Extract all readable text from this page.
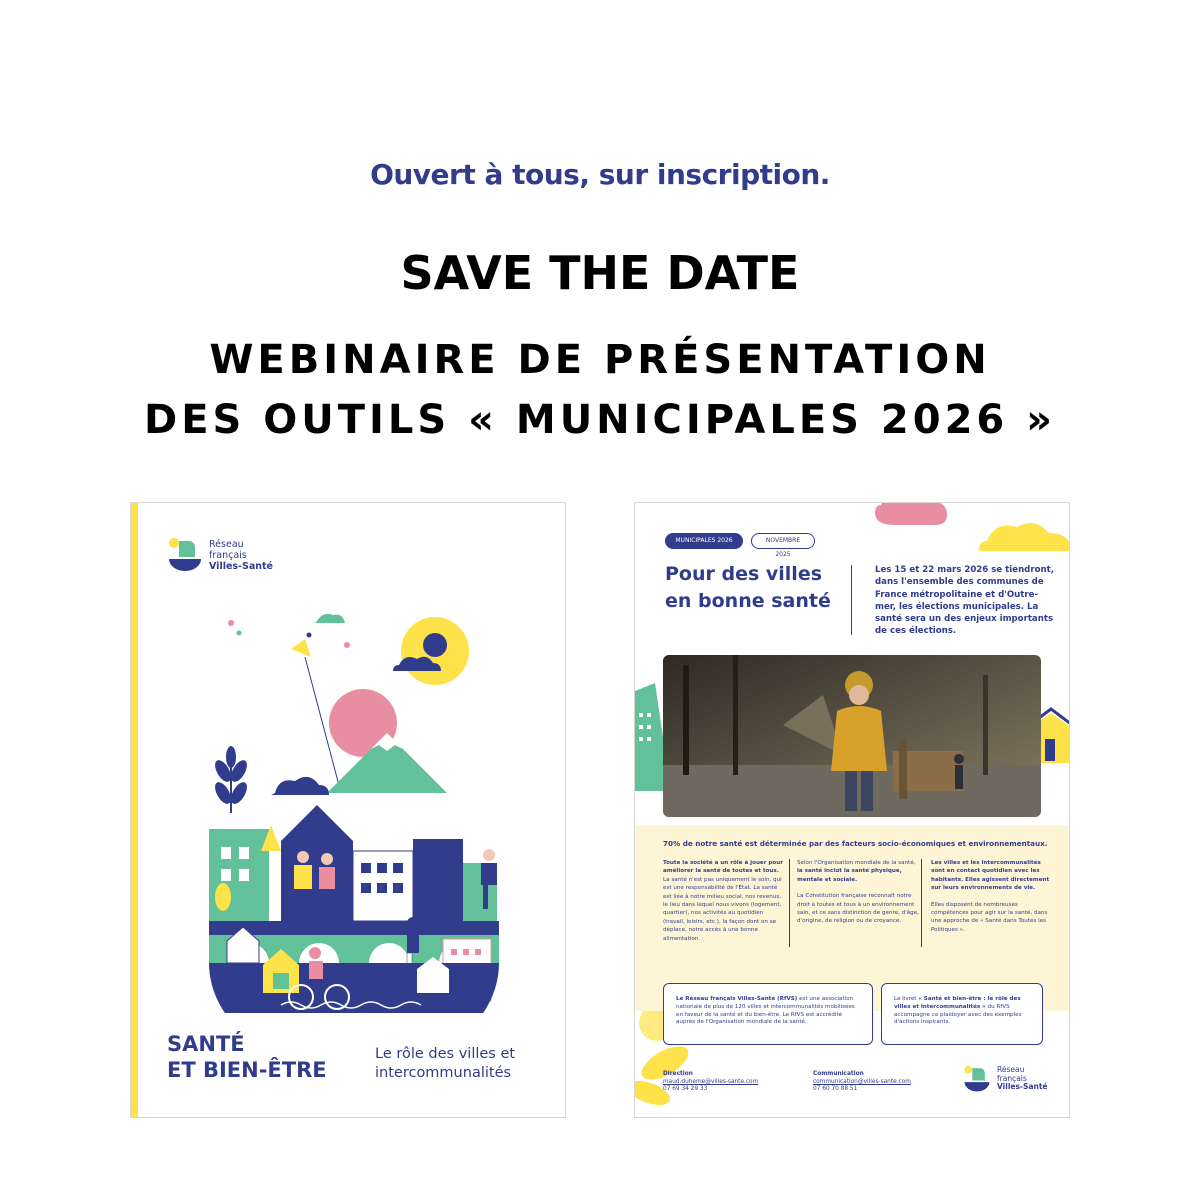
Ouvert à tous, sur inscription.
SAVE THE DATE
WEBINAIRE DE PRÉSENTATION
DES OUTILS « MUNICIPALES 2026 »
Réseau
français
Villes-Santé
SANTÉ
ET BIEN-ÊTRE
Le rôle des villes et
intercommunalités
MUNICIPALES 2026	NOVEMBRE 2025
Pour des villes en bonne santé
Les 15 et 22 mars 2026 se tiendront, dans l'ensemble des communes de France métropolitaine et d'Outre-mer, les élections municipales. La santé sera un des enjeux importants de ces élections.
70% de notre santé est déterminée par des facteurs socio-économiques et environnementaux.
Toute la société a un rôle à jouer pour améliorer la santé de toutes et tous. La santé n'est pas uniquement le soin, qui est une responsabilité de l'État. La santé est liée à notre milieu social, nos revenus, le lieu dans lequel nous vivons (logement, quartier), nos activités au quotidien (travail, loisirs, etc.), la façon dont on se déplace, notre accès à une bonne alimentation.
Selon l'Organisation mondiale de la santé, la santé inclut la santé physique, mentale et sociale.
La Constitution française reconnaît notre droit à toutes et tous à un environnement sain, et ce sans distinction de genre, d'âge, d'origine, de religion ou de croyance.
Les villes et les intercommunalités sont en contact quotidien avec les habitants. Elles agissent directement sur leurs environnements de vie.
Elles disposent de nombreuses compétences pour agir sur la santé, dans une approche de « Santé dans Toutes les Politiques ».
Le Réseau français Villes-Santé (RfVS) est une association nationale de plus de 120 villes et intercommunalités mobilisées en faveur de la santé et du bien-être. Le RfVS est accrédité auprès de l'Organisation mondiale de la santé.
Le livret « Santé et bien-être : le rôle des villes et intercommunalités » du RfVS accompagne ce plaidoyer avec des exemples d'actions inspirants.
Direction
maud.duheme@villes-sante.com
07 69 34 29 33
Communication
communication@villes-sante.com
07 60 70 88 51
Réseau
français
Villes-Santé
